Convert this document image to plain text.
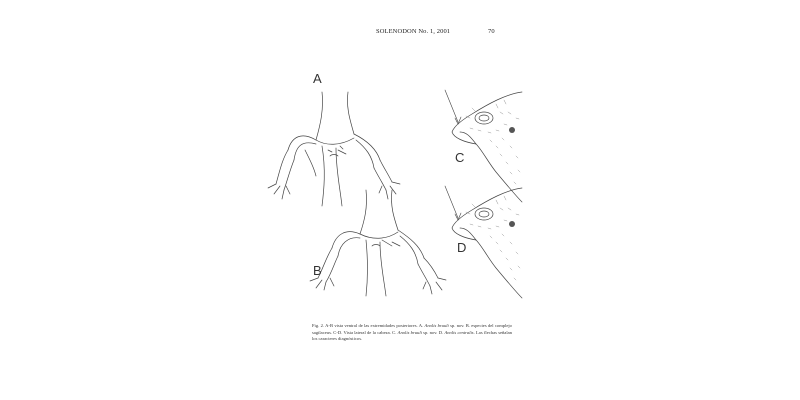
SOLENODON No. 1, 2001	70
A
B
C
D
Fig. 2. A-B vista ventral de las extremidades posteriores. A. Anolis bruuli sp. nov. B. especies del complejo sagilaceus. C-D. Vista lateral de la cabeza. C. Anolis bruuli sp. nov. D. Anolis centralis. Las flechas señalan los caracteres diagnósticos.
